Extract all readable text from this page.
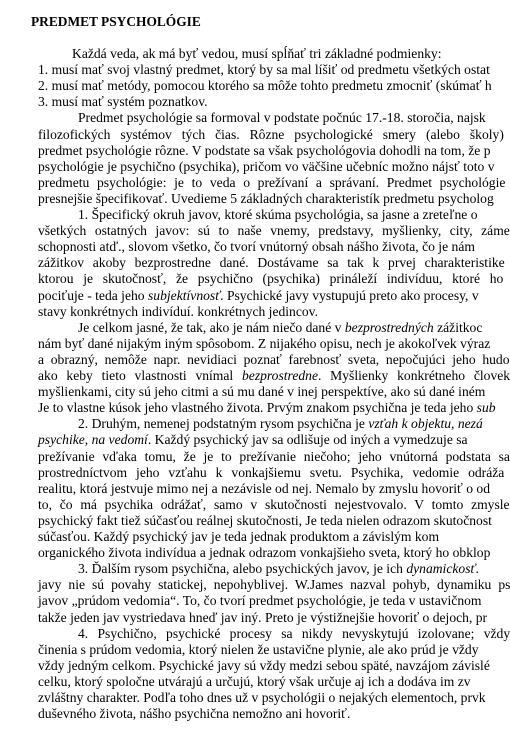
PREDMET PSYCHOLÓGIE
Každá veda, ak má byť vedou, musí spĺňať tri základné podmienky:
1. musí mať svoj vlastný predmet, ktorý by sa mal líšiť od predmetu všetkých ostat
2. musí mať metódy, pomocou ktorého sa môže tohto predmetu zmocniť (skúmať h
3. musí mať systém poznatkov.
Predmet psychológie sa formoval v podstate počnúc 17.-18. storočia, najsk
filozofických systémov tých čias. Rôzne psychologické smery (alebo školy)
predmet psychológie rôzne. V podstate sa však psychológovia dohodli na tom, že p
psychológie je psychično (psychika), pričom vo väčšine učebníc možno nájsť toto v
predmetu psychológie: je to veda o prežívaní a správaní. Predmet psychológie
presnejšie špecifikovať. Uvedieme 5 základných charakteristík predmetu psycholog
1. Špecifický okruh javov, ktoré skúma psychológia, sa jasne a zreteľne o
všetkých ostatných javov: sú to naše vnemy, predstavy, myšlienky, city, záme
schopnosti atď., slovom všetko, čo tvorí vnútorný obsah nášho života, čo je nám
zážitkov akoby bezprostredne dané. Dostávame sa tak k prvej charakteristike
ktorou je skutočnosť, že psychično (psychika) prináleží indivíduu, ktoré ho
pociťuje - teda jeho subjektívnosť. Psychické javy vystupujú preto ako procesy, v
stavy konkrétnych indivíduí. konkrétnych jedincov.
Je celkom jasné, že tak, ako je nám niečo dané v bezprostredných zážitkoc
nám byť dané nijakým iným spôsobom. Z nijakého opisu, nech je akokoľvek výraz
a obrazný, nemôže napr. nevidiaci poznať farebnosť sveta, nepočujúci jeho hudo
ako keby tieto vlastnosti vnímal bezprostredne. Myšlienky konkrétneho človek
myšlienkami, city sú jeho citmi a sú mu dané v inej perspektíve, ako sú dané iném
Je to vlastne kúsok jeho vlastného života. Prvým znakom psychična je teda jeho sub
2. Druhým, nemenej podstatným rysom psychična je vzťah k objektu, nezá
psychike, na vedomí. Každý psychický jav sa odlišuje od iných a vymedzuje sa
prežívanie vďaka tomu, že je to prežívanie niečoho; jeho vnútorná podstata sa
prostredníctvom jeho vzťahu k vonkajšiemu svetu. Psychika, vedomie odráža
realitu, ktorá jestvuje mimo nej a nezávisle od nej. Nemalo by zmyslu hovoriť o od
to, čo má psychika odrážať, samo v skutočnosti nejestvovalo. V tomto zmysle
psychický fakt tiež súčasťou reálnej skutočnosti, Je teda nielen odrazom skutočnost
súčasťou. Každý psychický jav je teda jednak produktom a závislým kom
organického života indivídua a jednak odrazom vonkajšieho sveta, ktorý ho obklop
3. Ďalším rysom psychična, alebo psychických javov, je ich dynamickosť.
javy nie sú povahy statickej, nepohyblivej. W.James nazval pohyb, dynamiku ps
javov „prúdom vedomia“. To, čo tvorí predmet psychológie, je teda v ustavičnom
takže jeden jav vystriedava hneď jav iný. Preto je výstižnejšie hovoriť o dejoch, pr
4. Psychično, psychické procesy sa nikdy nevyskytujú izolovane; vždy
činenia s prúdom vedomia, ktorý nielen že ustavične plynie, ale ako prúd je vždy
vždy jedným celkom. Psychické javy sú vždy medzi sebou späté, navzájom závislé
celku, ktorý spoločne utvárajú a určujú, ktorý však určuje aj ich a dodáva im zv
zvláštny charakter. Podľa toho dnes už v psychológii o nejakých elementoch, prvk
duševného života, nášho psychična nemožno ani hovoriť.
